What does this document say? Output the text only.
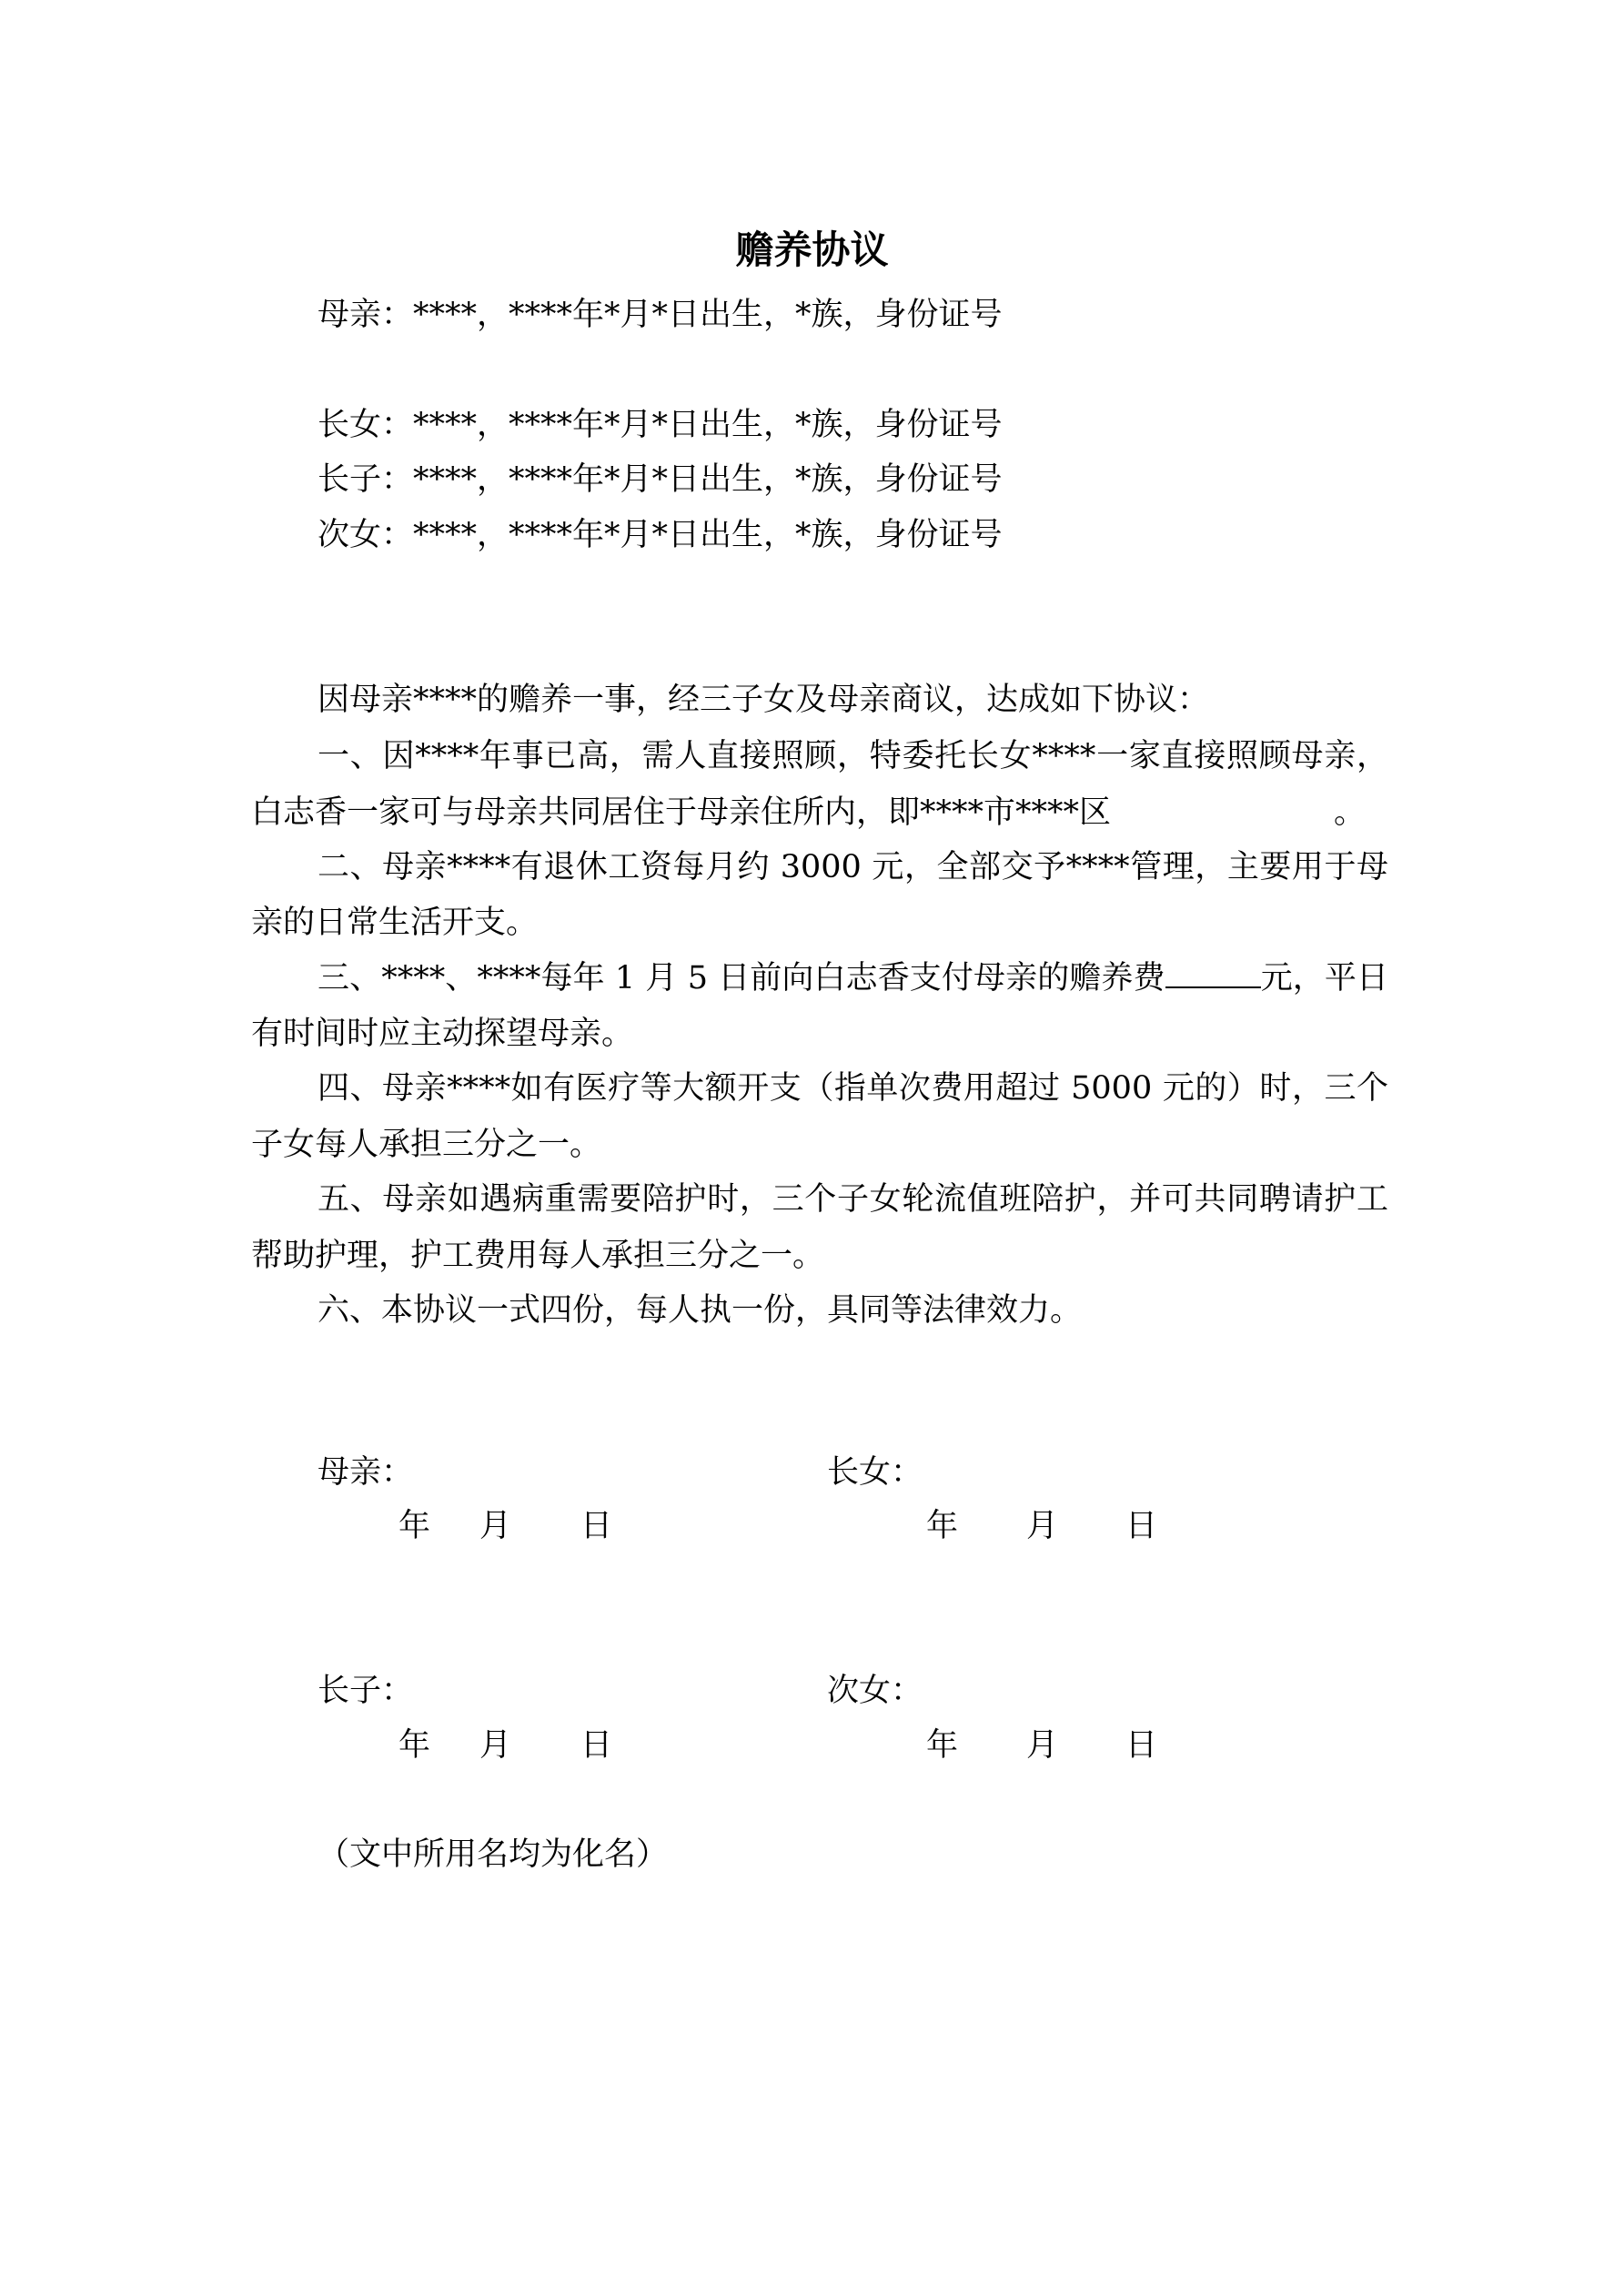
赡养协议
母亲：****，****年*月*日出生，*族，身份证号
长女：****，****年*月*日出生，*族，身份证号
长子：****，****年*月*日出生，*族，身份证号
次女：****，****年*月*日出生，*族，身份证号
因母亲****的赡养一事，经三子女及母亲商议，达成如下协议：
一、因****年事已高，需人直接照顾，特委托长女****一家直接照顾母亲，
白志香一家可与母亲共同居住于母亲住所内，即****市****区	。
二、母亲****有退休工资每月约 3000 元，全部交予****管理，主要用于母
亲的日常生活开支。
三、****、****每年 1 月 5 日前向白志香支付母亲的赡养费	元，平日
有时间时应主动探望母亲。
四、母亲****如有医疗等大额开支（指单次费用超过 5000 元的）时，三个
子女每人承担三分之一。
五、母亲如遇病重需要陪护时，三个子女轮流值班陪护，并可共同聘请护工
帮助护理，护工费用每人承担三分之一。
六、本协议一式四份，每人执一份，具同等法律效力。
母亲：	长女：
年 月 日	年 月 日
长子：	次女：
年 月 日	年 月 日
（文中所用名均为化名）
